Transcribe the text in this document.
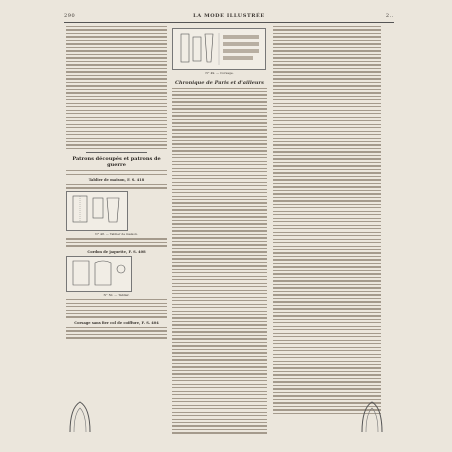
290	LA MODE ILLUSTRÉE	2..
Patrons découpés et patrons de guerre
Tablier de maison, F. S. 418
N° 48. — Tablier de maison.
Cordon de jaquette, F. S. 408
N° 50. — Tablier.
Corsage sans fier col de coiffure, F. S. 404
N° 49. — Corsage.
Chronique de Paris et d'ailleurs
